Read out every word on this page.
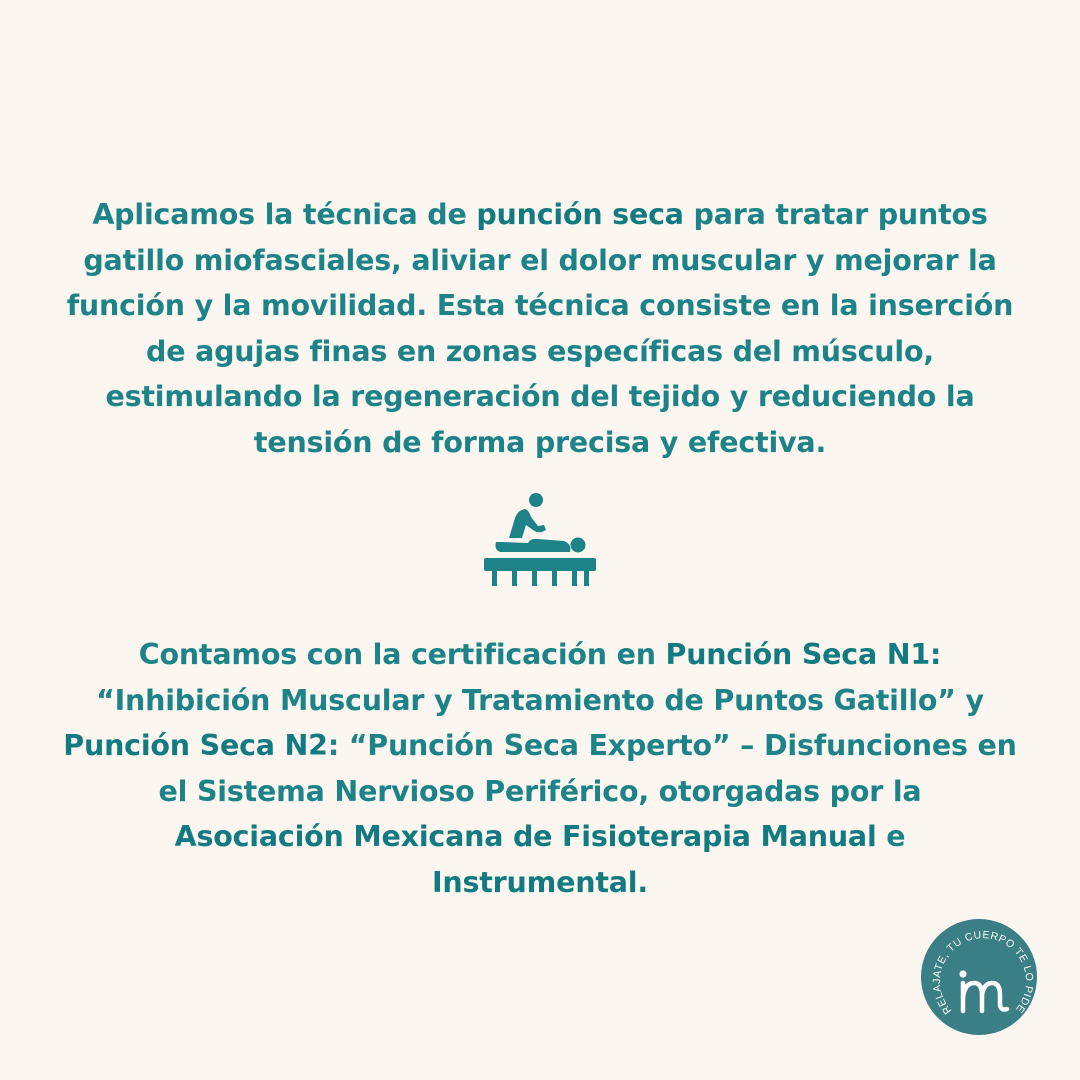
Aplicamos la técnica de punción seca para tratar puntos
gatillo miofasciales, aliviar el dolor muscular y mejorar la
función y la movilidad. Esta técnica consiste en la inserción
de agujas finas en zonas específicas del músculo,
estimulando la regeneración del tejido y reduciendo la
tensión de forma precisa y efectiva.

Contamos con la certificación en Punción Seca N1:
“Inhibición Muscular y Tratamiento de Puntos Gatillo” y
Punción Seca N2: “Punción Seca Experto” – Disfunciones en
el Sistema Nervioso Periférico, otorgadas por la
Asociación Mexicana de Fisioterapia Manual e
Instrumental.

RELAJATE, TU CUERPO TE LO PIDE
